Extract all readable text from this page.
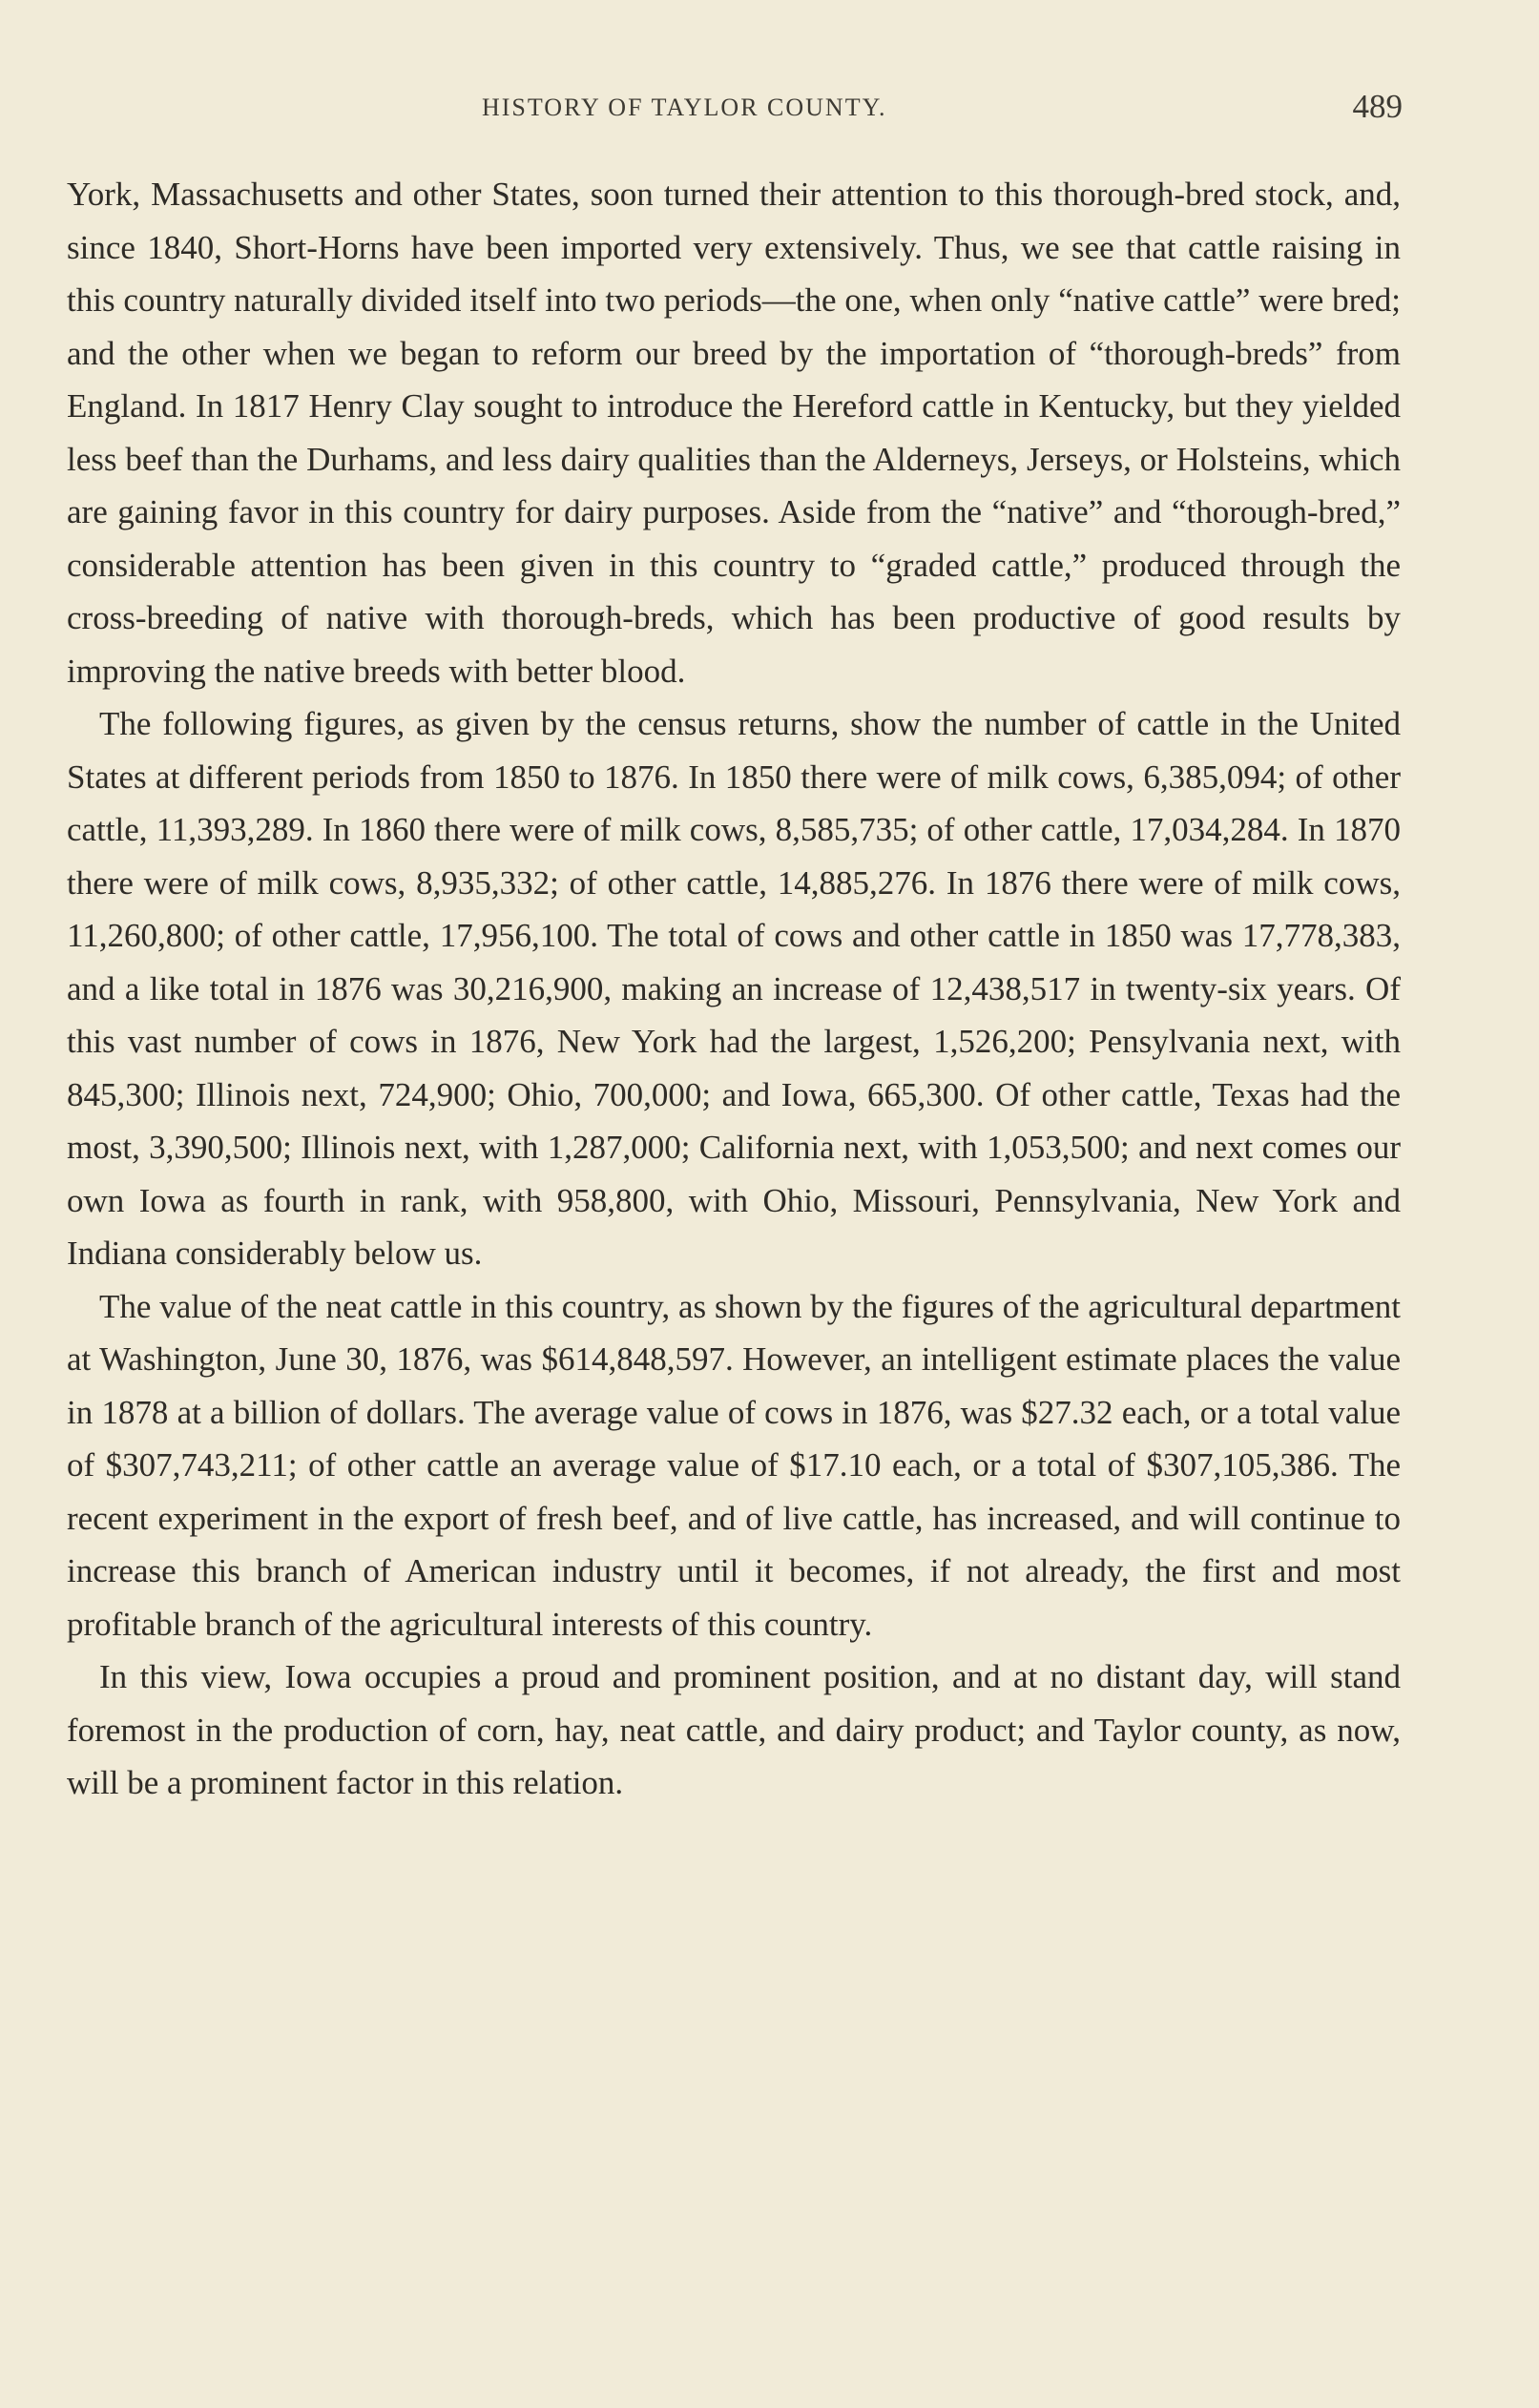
HISTORY OF TAYLOR COUNTY.	489

York, Massachusetts and other States, soon turned their attention to this thorough-bred stock, and, since 1840, Short-Horns have been imported very extensively. Thus, we see that cattle raising in this country naturally divided itself into two periods—the one, when only “native cattle” were bred; and the other when we began to reform our breed by the importation of “thorough-breds” from England. In 1817 Henry Clay sought to introduce the Hereford cattle in Kentucky, but they yielded less beef than the Durhams, and less dairy qualities than the Alderneys, Jerseys, or Holsteins, which are gaining favor in this country for dairy purposes. Aside from the “native” and “thorough-bred,” considerable attention has been given in this country to “graded cattle,” produced through the cross-breeding of native with thorough-breds, which has been productive of good results by improving the native breeds with better blood.

The following figures, as given by the census returns, show the number of cattle in the United States at different periods from 1850 to 1876. In 1850 there were of milk cows, 6,385,094; of other cattle, 11,393,289. In 1860 there were of milk cows, 8,585,735; of other cattle, 17,034,284. In 1870 there were of milk cows, 8,935,332; of other cattle, 14,885,276. In 1876 there were of milk cows, 11,260,800; of other cattle, 17,956,100. The total of cows and other cattle in 1850 was 17,778,383, and a like total in 1876 was 30,216,900, making an increase of 12,438,517 in twenty-six years. Of this vast number of cows in 1876, New York had the largest, 1,526,200; Pensylvania next, with 845,300; Illinois next, 724,900; Ohio, 700,000; and Iowa, 665,300. Of other cattle, Texas had the most, 3,390,500; Illinois next, with 1,287,000; California next, with 1,053,500; and next comes our own Iowa as fourth in rank, with 958,800, with Ohio, Missouri, Pennsylvania, New York and Indiana considerably below us.

The value of the neat cattle in this country, as shown by the figures of the agricultural department at Washington, June 30, 1876, was $614,848,597. However, an intelligent estimate places the value in 1878 at a billion of dollars. The average value of cows in 1876, was $27.32 each, or a total value of $307,743,211; of other cattle an average value of $17.10 each, or a total of $307,105,386. The recent experiment in the export of fresh beef, and of live cattle, has increased, and will continue to increase this branch of American industry until it becomes, if not already, the first and most profitable branch of the agricultural interests of this country.

In this view, Iowa occupies a proud and prominent position, and at no distant day, will stand foremost in the production of corn, hay, neat cattle, and dairy product; and Taylor county, as now, will be a prominent factor in this relation.
